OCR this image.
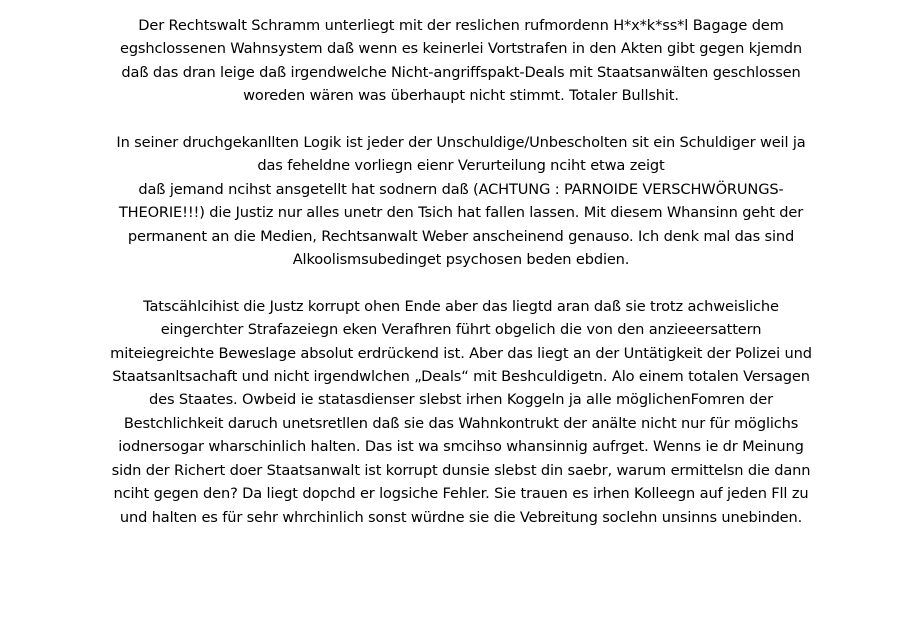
Der Rechtswalt Schramm unterliegt mit der reslichen rufmordenn H*x*k*ss*l Bagage dem
egshclossenen Wahnsystem daß wenn es keinerlei Vortstrafen in den Akten gibt gegen kjemdn
daß das dran leige daß irgendwelche Nicht-angriffspakt-Deals mit Staatsanwälten geschlossen
woreden wären was überhaupt nicht stimmt. Totaler Bullshit.
In seiner druchgekanllten Logik ist jeder der Unschuldige/Unbescholten sit ein Schuldiger weil ja
das feheldne vorliegn eienr Verurteilung nciht etwa zeigt
daß jemand ncihst ansgetellt hat sodnern daß (ACHTUNG : PARNOIDE VERSCHWÖRUNGS-
THEORIE!!!) die Justiz nur alles unetr den Tsich hat fallen lassen. Mit diesem Whansinn geht der
permanent an die Medien, Rechtsanwalt Weber anscheinend genauso. Ich denk mal das sind
Alkoolismsubedinget psychosen beden ebdien.
Tatscählcihist die Justz korrupt ohen Ende aber das liegtd aran daß sie trotz achweisliche
eingerchter Strafazeiegn eken Verafhren führt obgelich die von den anzieeersattern
miteiegreichte Beweslage absolut erdrückend ist. Aber das liegt an der Untätigkeit der Polizei und
Staatsanltsachaft und nicht irgendwlchen „Deals“ mit Beshculdigetn. Alo einem totalen Versagen
des Staates. Owbeid ie statasdienser slebst irhen Koggeln ja alle möglichenFomren der
Bestchlichkeit daruch unetsretllen daß sie das Wahnkontrukt der anälte nicht nur für möglichs
iodnersogar wharschinlich halten. Das ist wa smcihso whansinnig aufrget. Wenns ie dr Meinung
sidn der Richert doer Staatsanwalt ist korrupt dunsie slebst din saebr, warum ermittelsn die dann
nciht gegen den? Da liegt dopchd er logsiche Fehler. Sie trauen es irhen Kolleegn auf jeden Fll zu
und halten es für sehr whrchinlich sonst würdne sie die Vebreitung soclehn unsinns unebinden.
